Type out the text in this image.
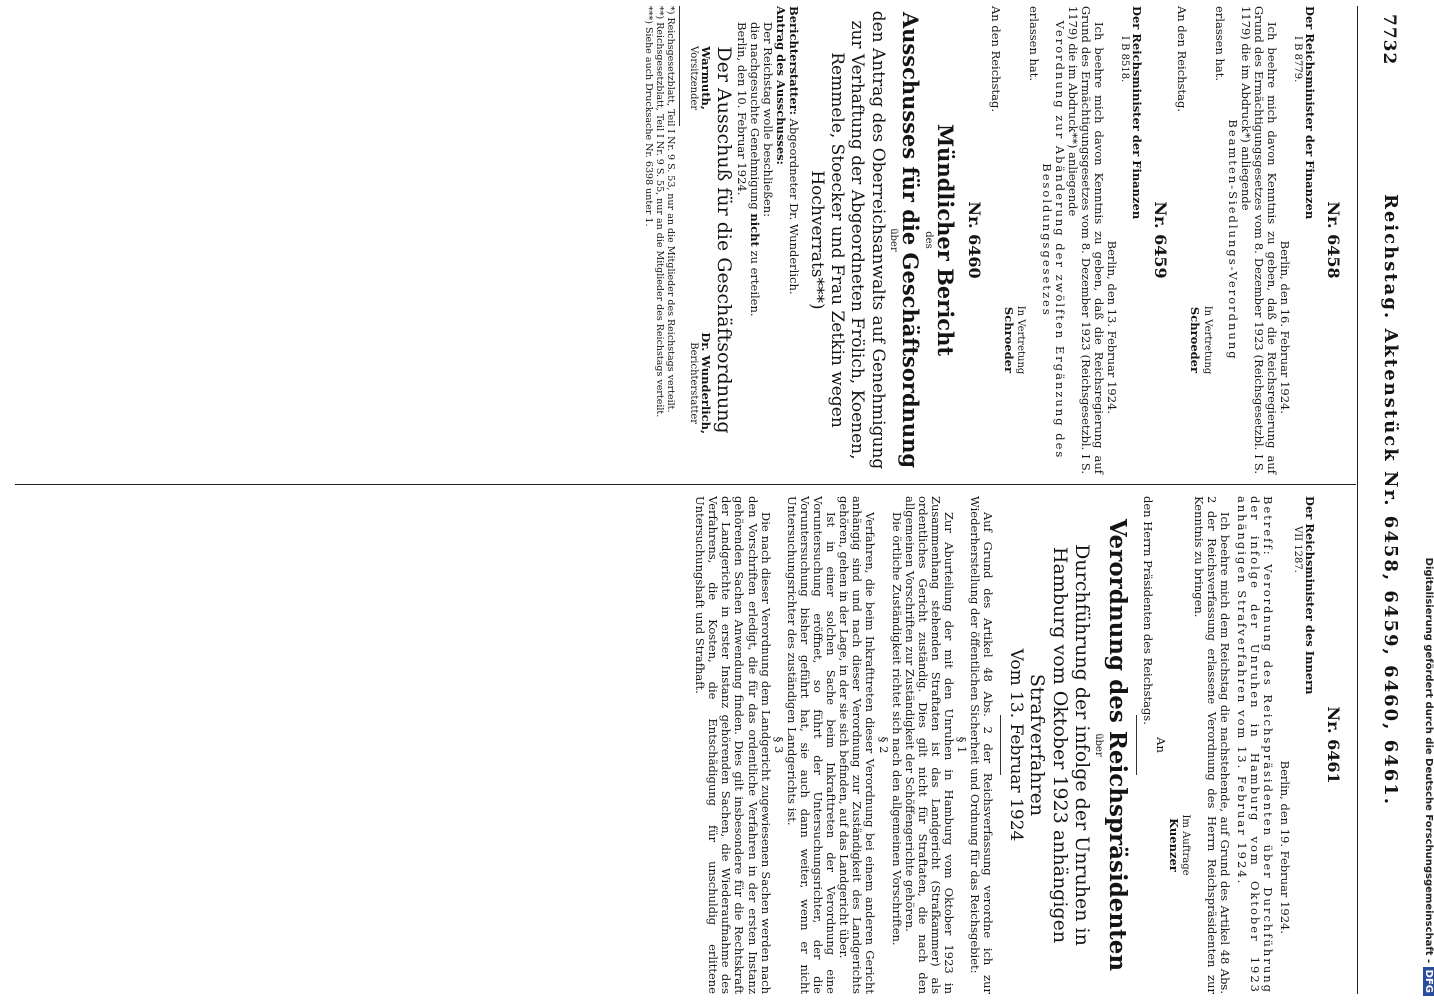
7732
Reichstag. Aktenstück Nr. 6458, 6459, 6460, 6461.
Nr. 6458
Der Reichsminister der Finanzen
I B 8779.
Berlin, den 16. Februar 1924.

Ich beehre mich davon Kenntnis zu geben, daß die Reichsregierung auf Grund des Ermächtigungsgesetzes vom 8. Dezember 1923 (Reichsgesetzbl. I S. 1179) die im Abdruck*) anliegende

Beamten-Siedlungs-Verordnung
erlassen hat.
In Vertretung
Schroeder
An den Reichstag.
Nr. 6459
Der Reichsminister der Finanzen
I B 8518.
Berlin, den 13. Februar 1924.

Ich beehre mich davon Kenntnis zu geben, daß die Reichsregierung auf Grund des Ermächtigungsgesetzes vom 8. Dezember 1923 (Reichsgesetzbl. I S. 1179) die im Abdruck**) anliegende

Verordnung zur Abänderung der zwölften Ergänzung des Besoldungsgesetzes
erlassen hat.
In Vertretung
Schroeder
An den Reichstag.
Nr. 6460
Mündlicher Bericht
des
Ausschusses für die Geschäftsordnung
über

den Antrag des Oberreichsanwalts auf Genehmigung zur Verhaftung der Abgeordneten Frölich, Koenen, Remmele, Stoecker und Frau Zetkin wegen Hochverrats***)

Berichterstatter: Abgeordneter Dr. Wunderlich.
Antrag des Ausschusses:
Der Reichstag wolle beschließen:
die nachgesuchte Genehmigung nicht zu erteilen.
Berlin, den 10. Februar 1924.
Der Ausschuß für die Geschäftsordnung
Warmuth,
Vorsitzender
Dr. Wunderlich,
Berichterstatter
*) Reichsgesetzblatt, Teil I Nr. 9 S. 53, nur an die Mitglieder des Reichstags verteilt.
**) Reichsgesetzblatt, Teil I Nr. 9 S. 55, nur an die Mitglieder des Reichstags verteilt.
***) Siehe auch Drucksache Nr. 6398 unter 1.
Nr. 6461
Der Reichsminister des Innern
VII 1287.
Berlin, den 19. Februar 1924.

Betreff: Verordnung des Reichspräsidenten über Durchführung der infolge der Unruhen in Hamburg vom Oktober 1923 anhängigen Strafverfahren vom 13. Februar 1924.

Ich beehre mich dem Reichstag die nachstehende, auf Grund des Artikel 48 Abs. 2 der Reichsverfassung erlassene Verordnung des Herrn Reichspräsidenten zur Kenntnis zu bringen.

Im Auftrage
Kuenzer
An
den Herrn Präsidenten des Reichstags.
Verordnung des Reichspräsidenten
über

Durchführung der infolge der Unruhen in Hamburg vom Oktober 1923 anhängigen Strafverfahren

Vom 13. Februar 1924

Auf Grund des Artikel 48 Abs. 2 der Reichsverfassung verordne ich zur Wiederherstellung der öffentlichen Sicherheit und Ordnung für das Reichsgebiet:

§ 1

Zur Aburteilung der mit den Unruhen in Hamburg vom Oktober 1923 in Zusammenhang stehenden Straftaten ist das Landgericht (Strafkammer) als ordentliches Gericht zuständig. Dies gilt nicht für Straftaten, die nach den allgemeinen Vorschriften zur Zuständigkeit der Schöffengerichte gehören.

Die örtliche Zuständigkeit richtet sich nach den allgemeinen Vorschriften.

§ 2

Verfahren, die beim Inkrafttreten dieser Verordnung bei einem anderen Gericht anhängig sind und nach dieser Verordnung zur Zuständigkeit des Landgerichts gehören, gehen in der Lage, in der sie sich befinden, auf das Landgericht über.

Ist in einer solchen Sache beim Inkrafttreten der Verordnung eine Voruntersuchung eröffnet, so führt der Untersuchungsrichter, der die Voruntersuchung bisher geführt hat, sie auch dann weiter, wenn er nicht Untersuchungsrichter des zuständigen Landgerichts ist.

§ 3

Die nach dieser Verordnung dem Landgericht zugewiesenen Sachen werden nach den Vorschriften erledigt, die für das ordentliche Verfahren in der ersten Instanz gehörenden Sachen Anwendung finden. Dies gilt insbesondere für die Rechtskraft der Landgerichte in erster Instanz gehörenden Sachen, die Wiederaufnahme des Verfahrens, die Kosten, die Entschädigung für unschuldig erlittene Untersuchungshaft und Strafhaft.	Digitalisierung gefördert durch die Deutsche Forschungsgemeinschaft - DFG
